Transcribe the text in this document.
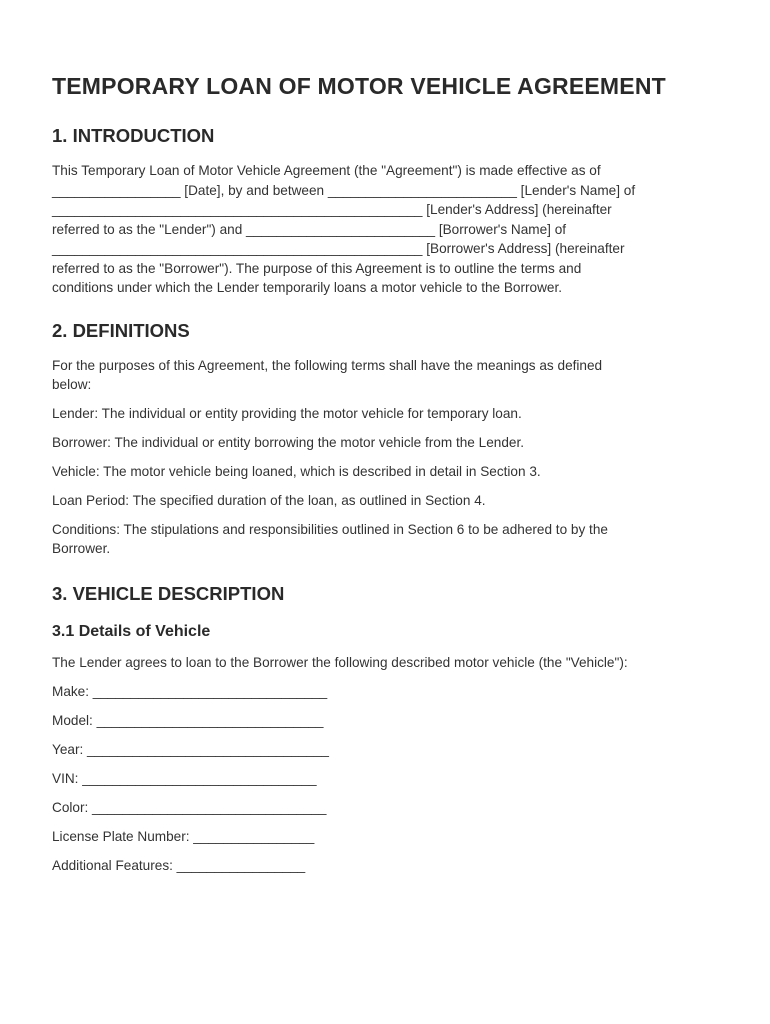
TEMPORARY LOAN OF MOTOR VEHICLE AGREEMENT
1. INTRODUCTION

This Temporary Loan of Motor Vehicle Agreement (the "Agreement") is made effective as of
_________________ [Date], by and between _________________________ [Lender's Name] of
_________________________________________________ [Lender's Address] (hereinafter
referred to as the "Lender") and _________________________ [Borrower's Name] of
_________________________________________________ [Borrower's Address] (hereinafter
referred to as the "Borrower"). The purpose of this Agreement is to outline the terms and
conditions under which the Lender temporarily loans a motor vehicle to the Borrower.

2. DEFINITIONS

For the purposes of this Agreement, the following terms shall have the meanings as defined
below:

Lender: The individual or entity providing the motor vehicle for temporary loan.

Borrower: The individual or entity borrowing the motor vehicle from the Lender.

Vehicle: The motor vehicle being loaned, which is described in detail in Section 3.

Loan Period: The specified duration of the loan, as outlined in Section 4.

Conditions: The stipulations and responsibilities outlined in Section 6 to be adhered to by the
Borrower.

3. VEHICLE DESCRIPTION
3.1 Details of Vehicle

The Lender agrees to loan to the Borrower the following described motor vehicle (the "Vehicle"):

Make: _______________________________

Model: ______________________________

Year: ________________________________

VIN: _______________________________

Color: _______________________________

License Plate Number: ________________

Additional Features: _________________
